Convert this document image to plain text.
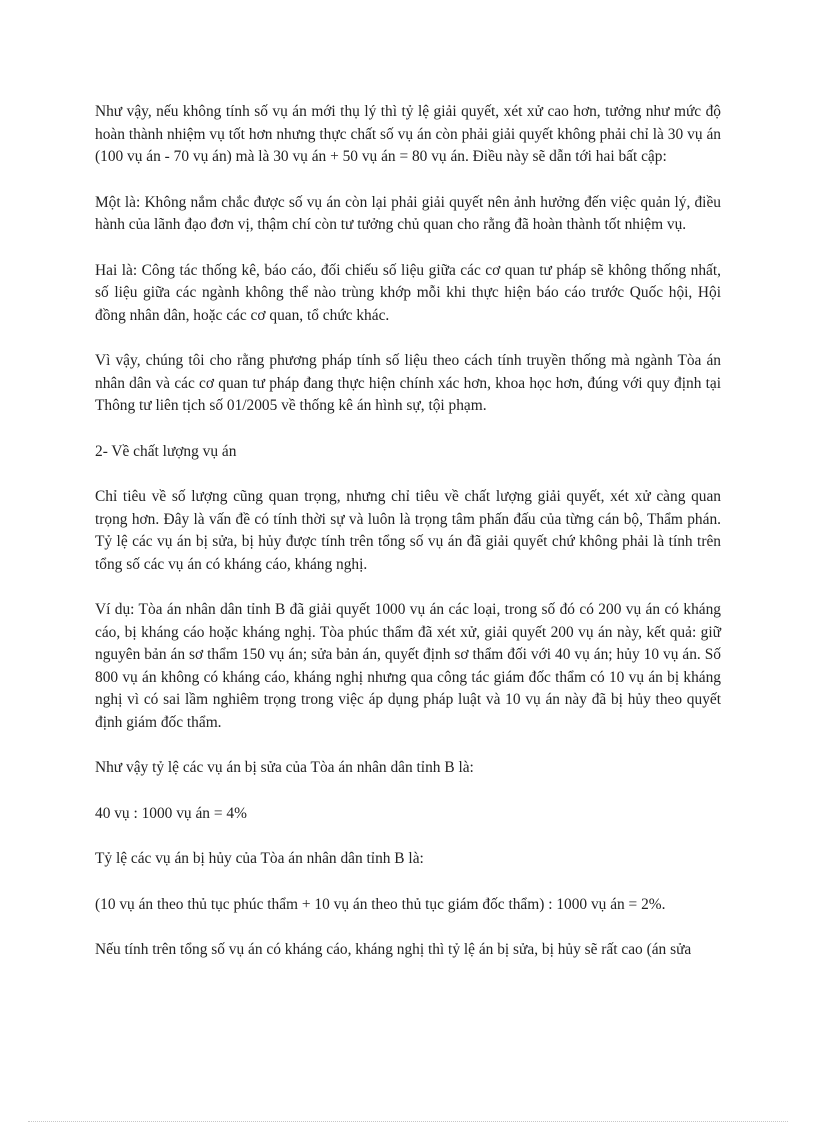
Như vậy, nếu không tính số vụ án mới thụ lý thì tỷ lệ giải quyết, xét xử cao hơn, tưởng như mức độ hoàn thành nhiệm vụ tốt hơn nhưng thực chất số vụ án còn phải giải quyết không phải chỉ là 30 vụ án (100 vụ án - 70 vụ án) mà là 30 vụ án + 50 vụ án = 80 vụ án. Điều này sẽ dẫn tới hai bất cập:

Một là: Không nắm chắc được số vụ án còn lại phải giải quyết nên ảnh hưởng đến việc quản lý, điều hành của lãnh đạo đơn vị, thậm chí còn tư tưởng chủ quan cho rằng đã hoàn thành tốt nhiệm vụ.

Hai là: Công tác thống kê, báo cáo, đối chiếu số liệu giữa các cơ quan tư pháp sẽ không thống nhất, số liệu giữa các ngành không thể nào trùng khớp mỗi khi thực hiện báo cáo trước Quốc hội, Hội đồng nhân dân, hoặc các cơ quan, tổ chức khác.

Vì vậy, chúng tôi cho rằng phương pháp tính số liệu theo cách tính truyền thống mà ngành Tòa án nhân dân và các cơ quan tư pháp đang thực hiện chính xác hơn, khoa học hơn, đúng với quy định tại Thông tư liên tịch số 01/2005 về thống kê án hình sự, tội phạm.

2- Về chất lượng vụ án

Chỉ tiêu về số lượng cũng quan trọng, nhưng chỉ tiêu về chất lượng giải quyết, xét xử càng quan trọng hơn. Đây là vấn đề có tính thời sự và luôn là trọng tâm phấn đấu của từng cán bộ, Thẩm phán. Tỷ lệ các vụ án bị sửa, bị hủy được tính trên tổng số vụ án đã giải quyết chứ không phải là tính trên tổng số các vụ án có kháng cáo, kháng nghị.

Ví dụ: Tòa án nhân dân tỉnh B đã giải quyết 1000 vụ án các loại, trong số đó có 200 vụ án có kháng cáo, bị kháng cáo hoặc kháng nghị. Tòa phúc thẩm đã xét xử, giải quyết 200 vụ án này, kết quả: giữ nguyên bản án sơ thẩm 150 vụ án; sửa bản án, quyết định sơ thẩm đối với 40 vụ án; hủy 10 vụ án. Số 800 vụ án không có kháng cáo, kháng nghị nhưng qua công tác giám đốc thẩm có 10 vụ án bị kháng nghị vì có sai lầm nghiêm trọng trong việc áp dụng pháp luật và 10 vụ án này đã bị hủy theo quyết định giám đốc thẩm.

Như vậy tỷ lệ các vụ án bị sửa của Tòa án nhân dân tỉnh B là:

40 vụ : 1000 vụ án = 4%

Tỷ lệ các vụ án bị hủy của Tòa án nhân dân tỉnh B là:

(10 vụ án theo thủ tục phúc thẩm + 10 vụ án theo thủ tục giám đốc thẩm) : 1000 vụ án = 2%.

Nếu tính trên tổng số vụ án có kháng cáo, kháng nghị thì tỷ lệ án bị sửa, bị hủy sẽ rất cao (án sửa
